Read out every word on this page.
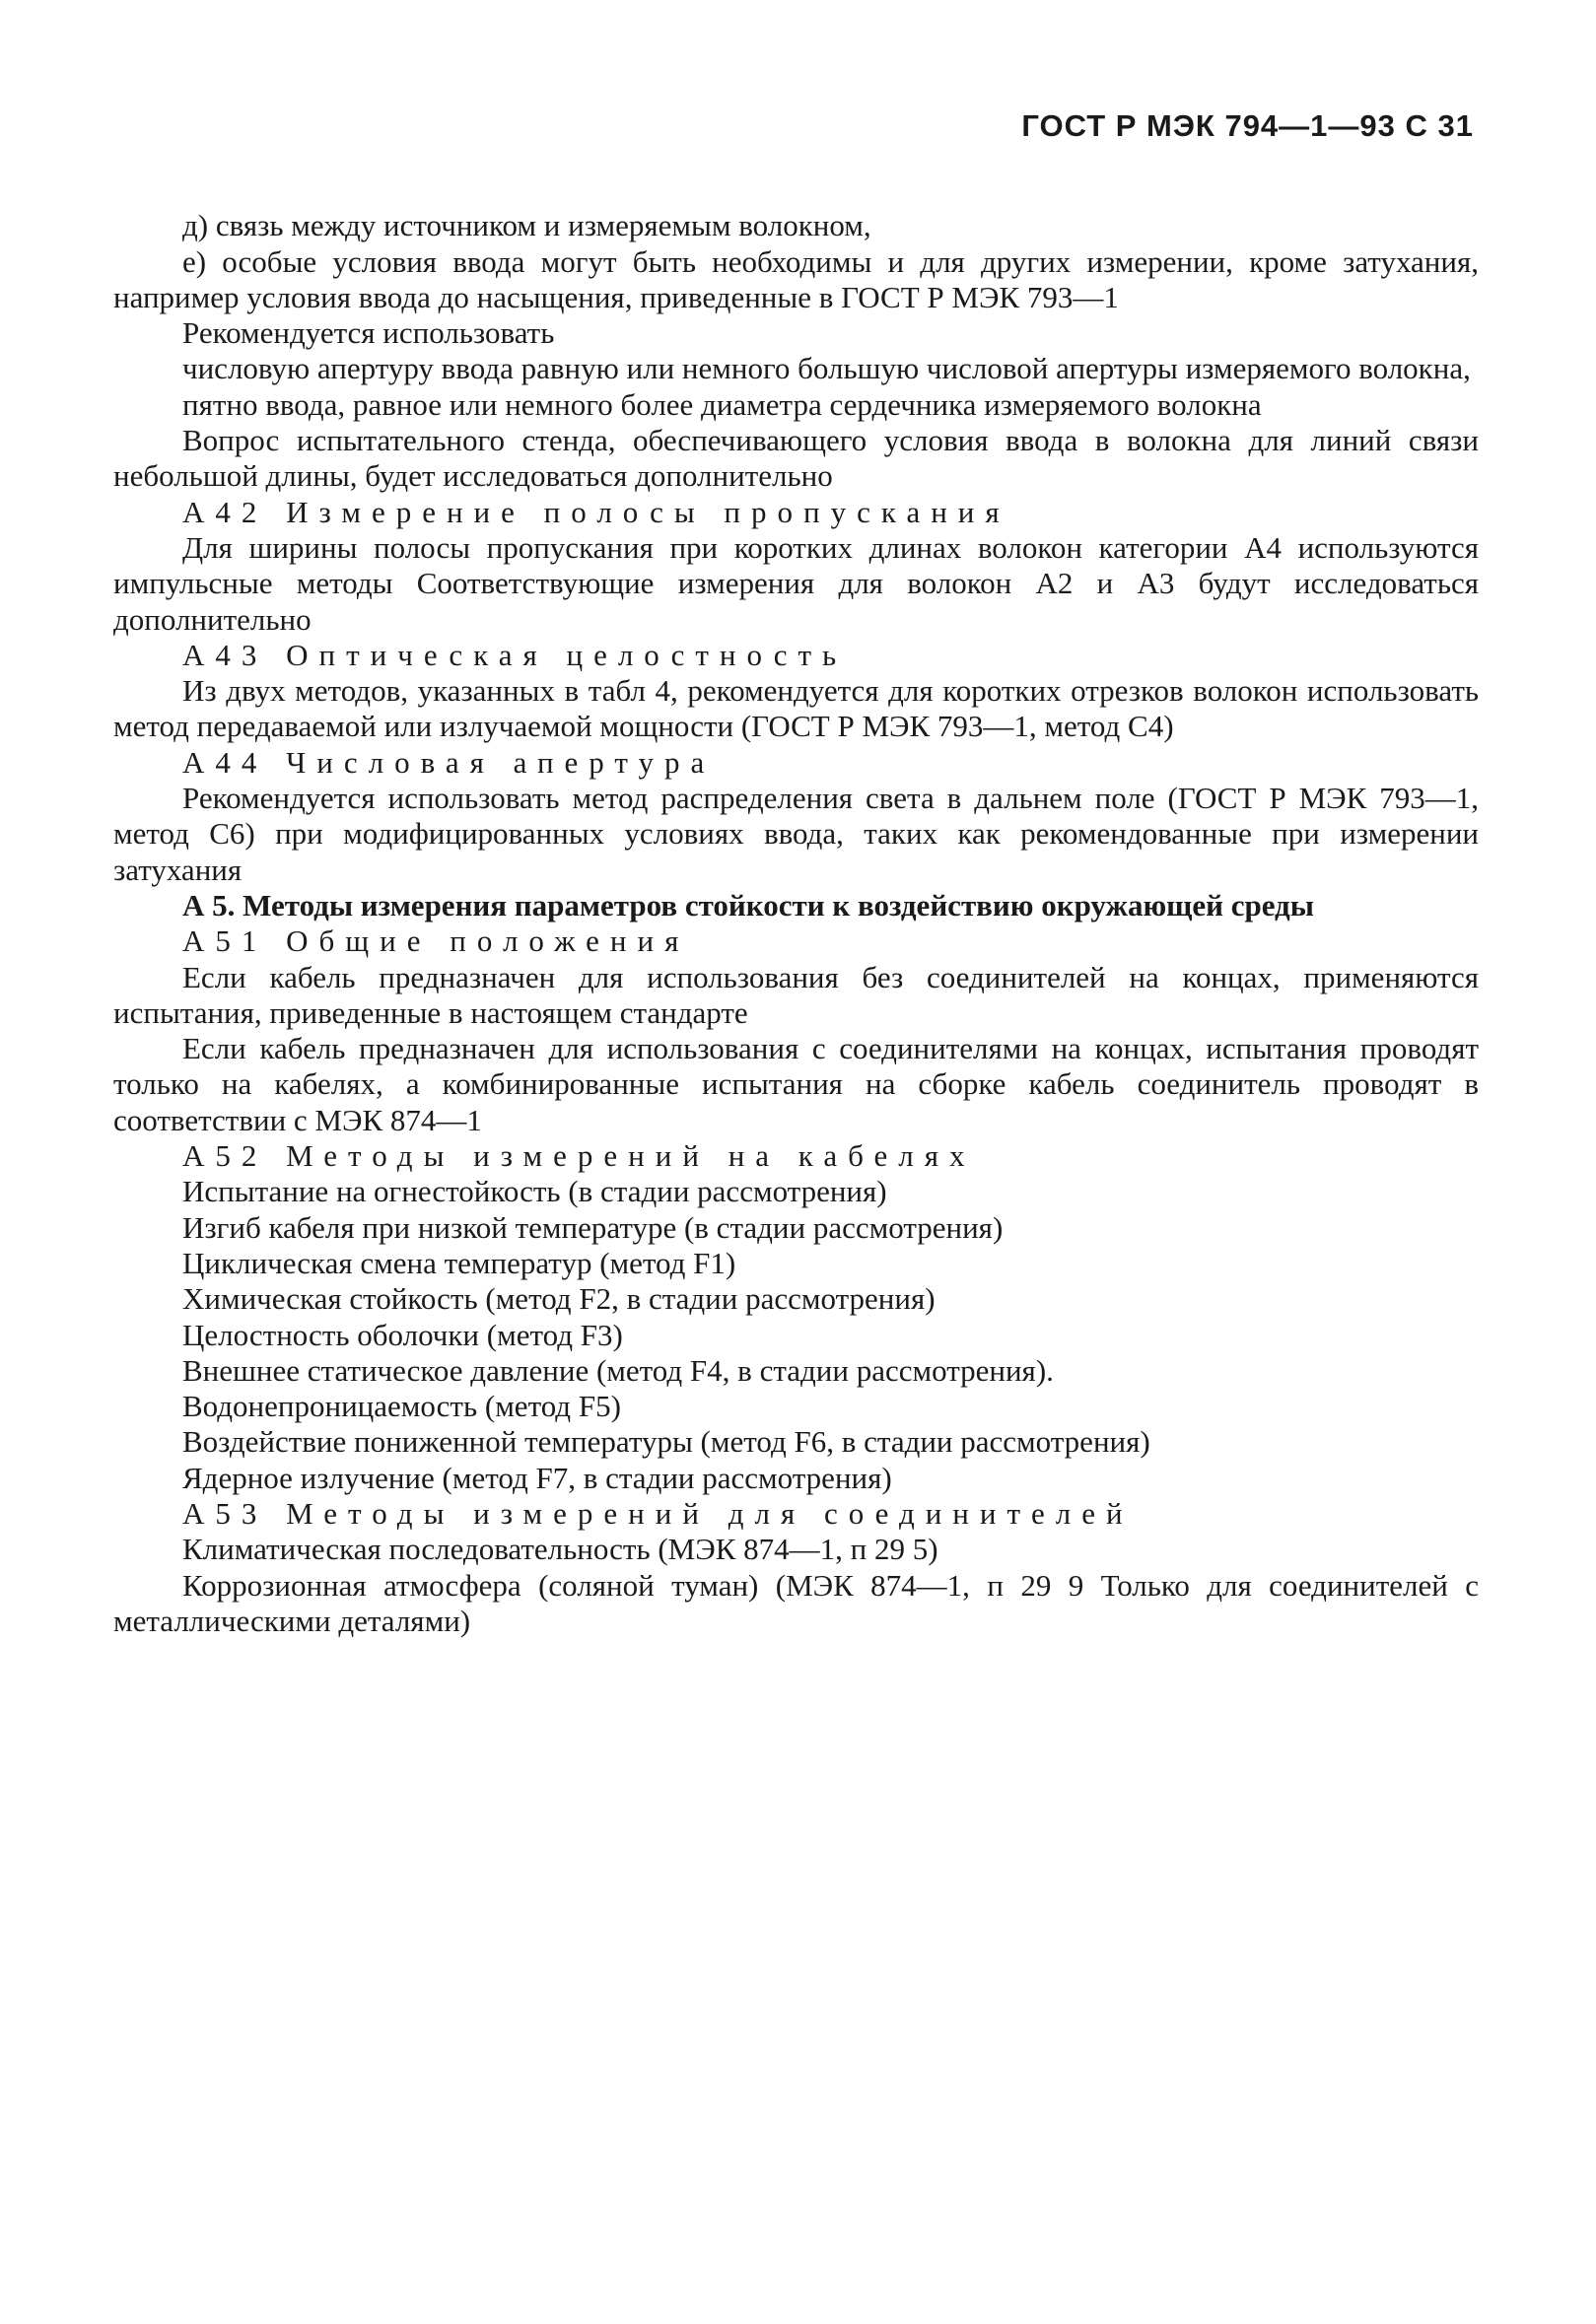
ГОСТ Р МЭК 794—1—93 С 31

д) связь между источником и измеряемым волокном,

е) особые условия ввода могут быть необходимы и для других измерении, кроме затухания, например условия ввода до насыщения, приведенные в ГОСТ Р МЭК 793—1

Рекомендуется использовать

числовую апертуру ввода равную или немного большую числовой апертуры измеряемого волокна,

пятно ввода, равное или немного более диаметра сердечника измеряемого волокна

Вопрос испытательного стенда, обеспечивающего условия ввода в волокна для линий связи небольшой длины, будет исследоваться дополнительно

А42 Измерение полосы пропускания

Для ширины полосы пропускания при коротких длинах волокон категории А4 используются импульсные методы Соответствующие измерения для волокон А2 и А3 будут исследоваться дополнительно

А43 Оптическая целостность

Из двух методов, указанных в табл 4, рекомендуется для коротких отрезков волокон использовать метод передаваемой или излучаемой мощности (ГОСТ Р МЭК 793—1, метод С4)

А44 Числовая апертура

Рекомендуется использовать метод распределения света в дальнем поле (ГОСТ Р МЭК 793—1, метод С6) при модифицированных условиях ввода, таких как рекомендованные при измерении затухания

А 5. Методы измерения параметров стойкости к воздействию окружающей среды

А51 Общие положения

Если кабель предназначен для использования без соединителей на концах, применяются испытания, приведенные в настоящем стандарте

Если кабель предназначен для использования с соединителями на концах, испытания проводят только на кабелях, а комбинированные испытания на сборке кабель соединитель проводят в соответствии с МЭК 874—1

А52 Методы измерений на кабелях

Испытание на огнестойкость (в стадии рассмотрения)

Изгиб кабеля при низкой температуре (в стадии рассмотрения)

Циклическая смена температур (метод F1)

Химическая стойкость (метод F2, в стадии рассмотрения)

Целостность оболочки (метод F3)

Внешнее статическое давление (метод F4, в стадии рассмотрения).

Водонепроницаемость (метод F5)

Воздействие пониженной температуры (метод F6, в стадии рассмотрения)

Ядерное излучение (метод F7, в стадии рассмотрения)

А53 Методы измерений для соединителей

Климатическая последовательность (МЭК 874—1, п 29 5)

Коррозионная атмосфера (соляной туман) (МЭК 874—1, п 29 9 Только для соединителей с металлическими деталями)
